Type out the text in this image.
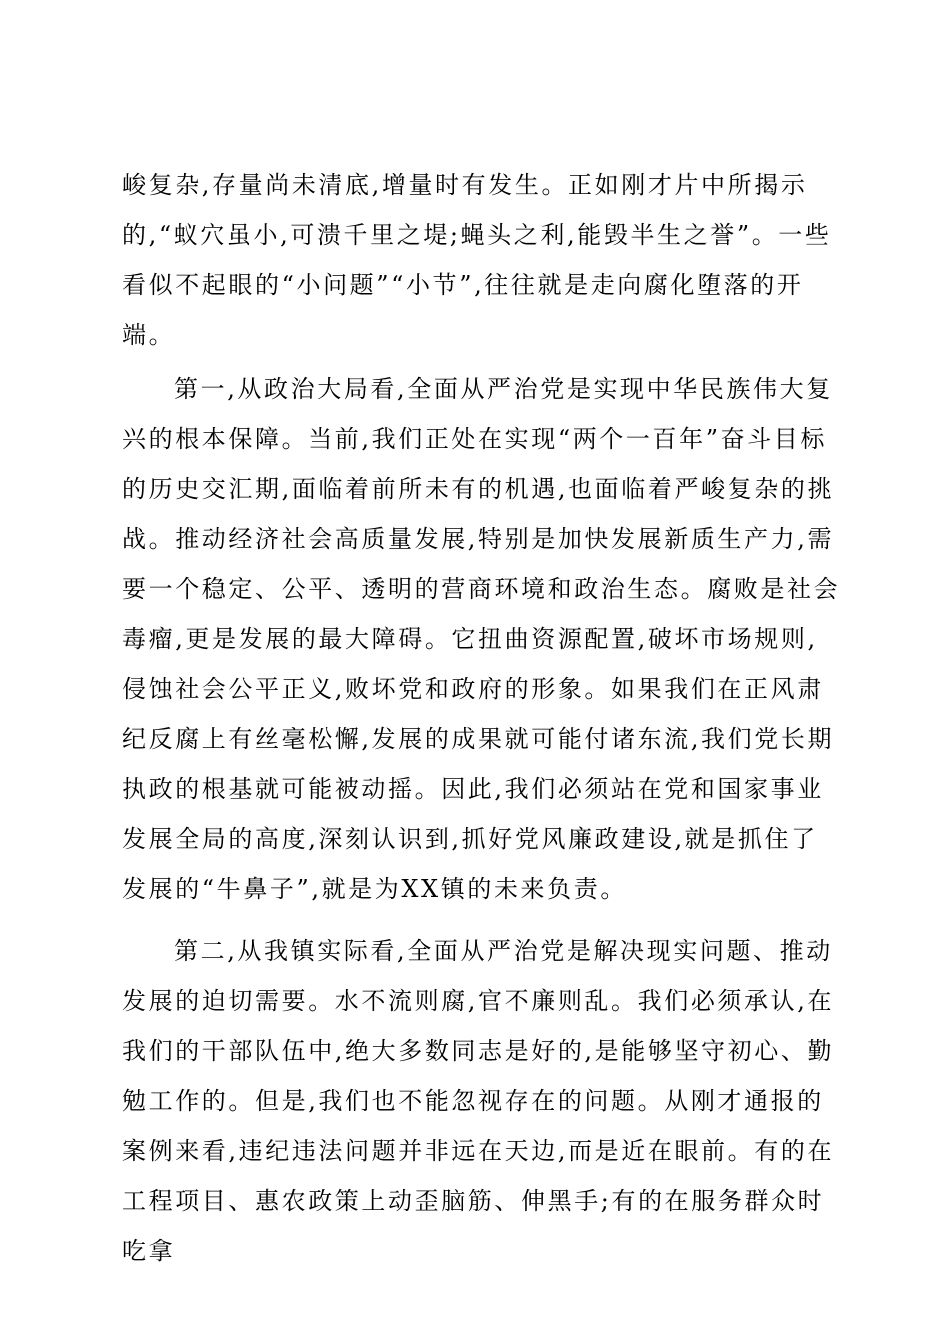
峻复杂,存量尚未清底,增量时有发生。正如刚才片中所揭示的,“蚁穴虽小,可溃千里之堤;蝇头之利,能毁半生之誉”。一些看似不起眼的“小问题”“小节”,往往就是走向腐化堕落的开端。

第一,从政治大局看,全面从严治党是实现中华民族伟大复兴的根本保障。当前,我们正处在实现“两个一百年”奋斗目标的历史交汇期,面临着前所未有的机遇,也面临着严峻复杂的挑战。推动经济社会高质量发展,特别是加快发展新质生产力,需要一个稳定、公平、透明的营商环境和政治生态。腐败是社会毒瘤,更是发展的最大障碍。它扭曲资源配置,破坏市场规则,侵蚀社会公平正义,败坏党和政府的形象。如果我们在正风肃纪反腐上有丝毫松懈,发展的成果就可能付诸东流,我们党长期执政的根基就可能被动摇。因此,我们必须站在党和国家事业发展全局的高度,深刻认识到,抓好党风廉政建设,就是抓住了发展的“牛鼻子”,就是为XX镇的未来负责。

第二,从我镇实际看,全面从严治党是解决现实问题、推动发展的迫切需要。水不流则腐,官不廉则乱。我们必须承认,在我们的干部队伍中,绝大多数同志是好的,是能够坚守初心、勤勉工作的。但是,我们也不能忽视存在的问题。从刚才通报的案例来看,违纪违法问题并非远在天边,而是近在眼前。有的在工程项目、惠农政策上动歪脑筋、伸黑手;有的在服务群众时吃拿
